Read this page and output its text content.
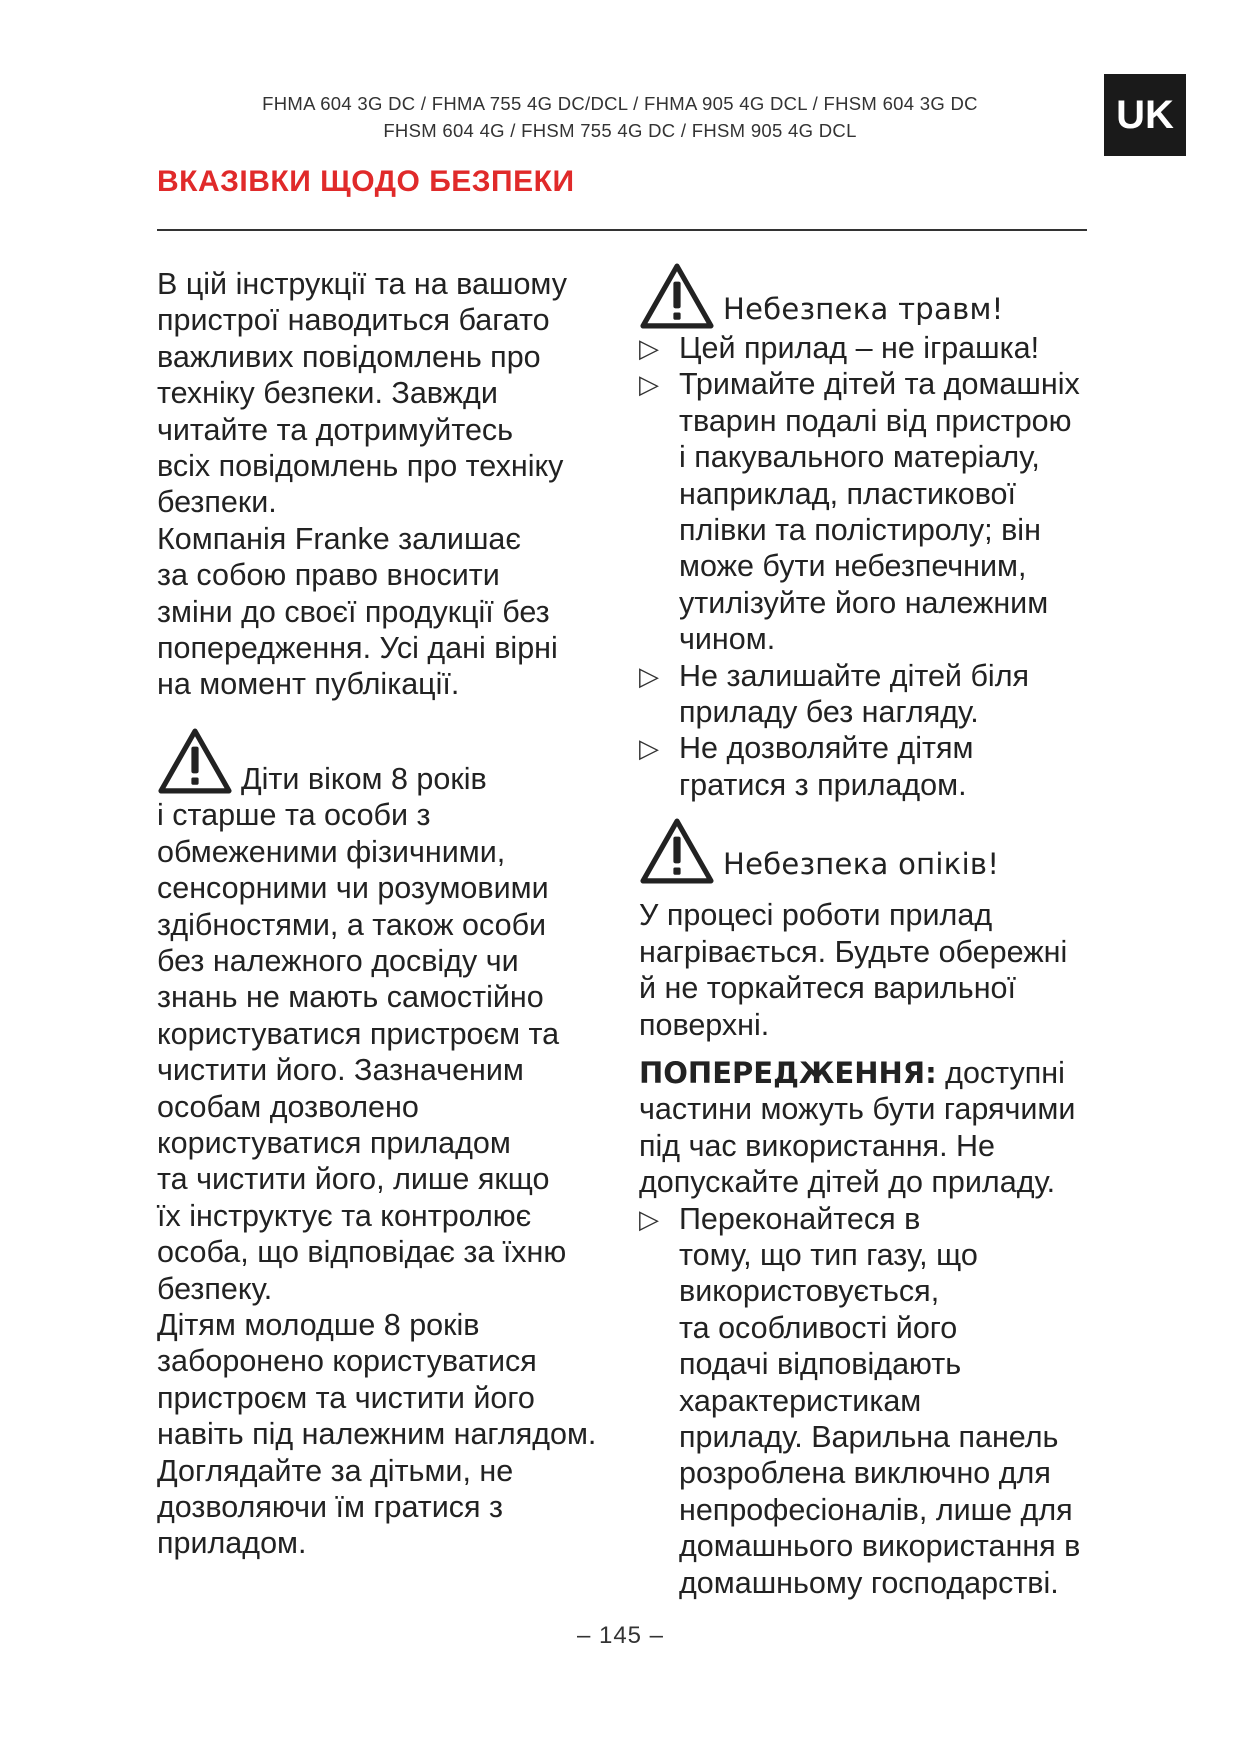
FHMA 604 3G DC / FHMA 755 4G DC/DCL / FHMA 905 4G DCL / FHSM 604 3G DC
FHSM 604 4G / FHSM 755 4G DC / FHSM 905 4G DCL	UK
ВКАЗІВКИ ЩОДО БЕЗПЕКИ

В цій інструкції та на вашому
пристрої наводиться багато
важливих повідомлень про
техніку безпеки. Завжди
читайте та дотримуйтесь
всіх повідомлень про техніку
безпеки.

Компанія Franke залишає
за собою право вносити
зміни до своєї продукції без
попередження. Усі дані вірні
на момент публікації.

Діти віком 8 років
і старше та особи з
обмеженими фізичними,
сенсорними чи розумовими
здібностями, а також особи
без належного досвіду чи
знань не мають самостійно
користуватися пристроєм та
чистити його. Зазначеним
особам дозволено
користуватися приладом
та чистити його, лише якщо
їх інструктує та контролює
особа, що відповідає за їхню
безпеку.

Дітям молодше 8 років
заборонено користуватися
пристроєм та чистити його
навіть під належним наглядом.

Доглядайте за дітьми, не
дозволяючи їм гратися з
приладом.

Небезпека травм!
▷ Цей прилад – не іграшка!
▷ Тримайте дітей та домашніх
тварин подалі від пристрою
і пакувального матеріалу,
наприклад, пластикової
плівки та полістиролу; він
може бути небезпечним,
утилізуйте його належним
чином.
▷ Не залишайте дітей біля
приладу без нагляду.
▷ Не дозволяйте дітям
гратися з приладом.
Небезпека опіків!

У процесі роботи прилад
нагрівається. Будьте обережні
й не торкайтеся варильної
поверхні.

ПОПЕРЕДЖЕННЯ: доступні
частини можуть бути гарячими
під час використання. Не
допускайте дітей до приладу.

▷ Переконайтеся в
тому, що тип газу, що
використовується,
та особливості його
подачі відповідають
характеристикам
приладу. Варильна панель
розроблена виключно для
непрофесіоналів, лише для
домашнього використання в
домашньому господарстві.
– 145 –
